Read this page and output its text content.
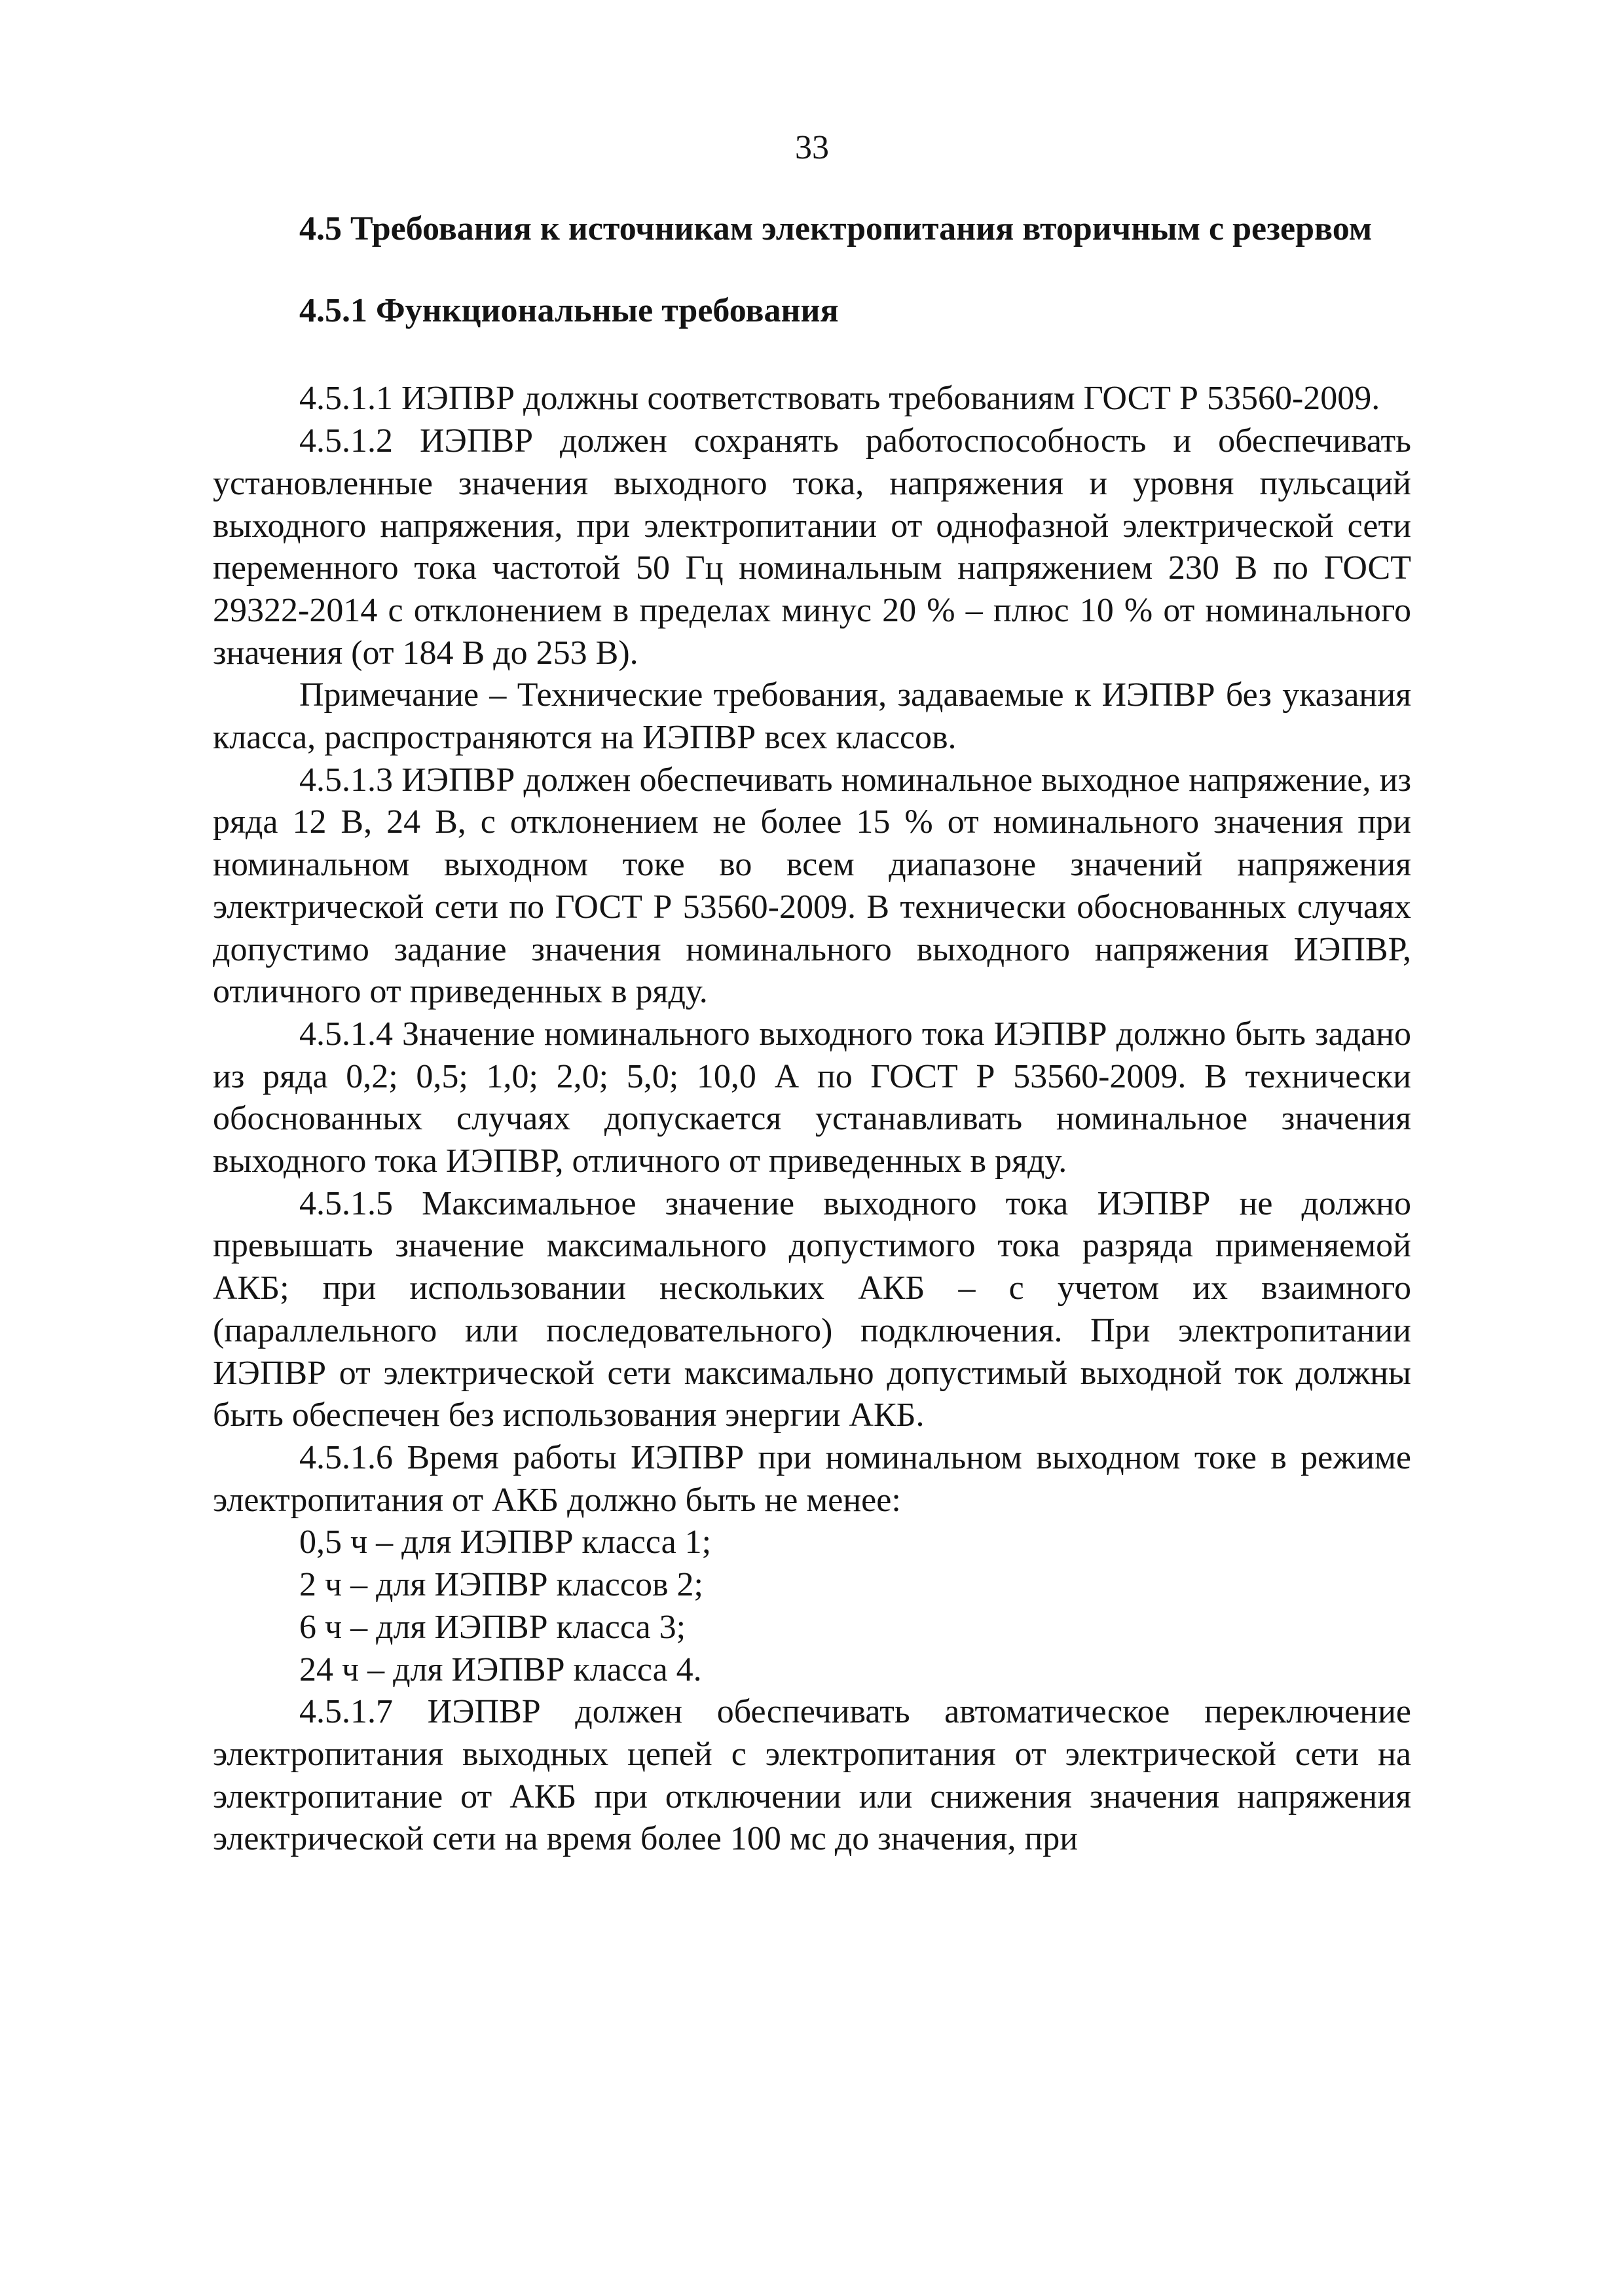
33

4.5 Требования к источникам электропитания вторичным с резервом

4.5.1 Функциональные требования

4.5.1.1 ИЭПВР должны соответствовать требованиям ГОСТ Р 53560-2009.

4.5.1.2 ИЭПВР должен сохранять работоспособность и обеспечивать установленные значения выходного тока, напряжения и уровня пульсаций выходного напряжения, при электропитании от однофазной электрической сети переменного тока частотой 50 Гц номинальным напряжением 230 В по ГОСТ 29322-2014 с отклонением в пределах минус 20 % – плюс 10 % от номинального значения (от 184 В до 253 В).

Примечание – Технические требования, задаваемые к ИЭПВР без указания класса, распространяются на ИЭПВР всех классов.

4.5.1.3 ИЭПВР должен обеспечивать номинальное выходное напряжение, из ряда 12 В, 24 В, с отклонением не более 15 % от номинального значения при номинальном выходном токе во всем диапазоне значений напряжения электрической сети по ГОСТ Р 53560-2009. В технически обоснованных случаях допустимо задание значения номинального выходного напряжения ИЭПВР, отличного от приведенных в ряду.

4.5.1.4 Значение номинального выходного тока ИЭПВР должно быть задано из ряда 0,2; 0,5; 1,0; 2,0; 5,0; 10,0 А по ГОСТ Р 53560-2009. В технически обоснованных случаях допускается устанавливать номинальное значения выходного тока ИЭПВР, отличного от приведенных в ряду.

4.5.1.5 Максимальное значение выходного тока ИЭПВР не должно превышать значение максимального допустимого тока разряда применяемой АКБ; при использовании нескольких АКБ – с учетом их взаимного (параллельного или последовательного) подключения. При электропитании ИЭПВР от электрической сети максимально допустимый выходной ток должны быть обеспечен без использования энергии АКБ.

4.5.1.6 Время работы ИЭПВР при номинальном выходном токе в режиме электропитания от АКБ должно быть не менее:

0,5 ч – для ИЭПВР класса 1;

2 ч – для ИЭПВР классов 2;

6 ч – для ИЭПВР класса 3;

24 ч – для ИЭПВР класса 4.

4.5.1.7 ИЭПВР должен обеспечивать автоматическое переключение электропитания выходных цепей с электропитания от электрической сети на электропитание от АКБ при отключении или снижения значения напряжения электрической сети на время более 100 мс до значения, при
